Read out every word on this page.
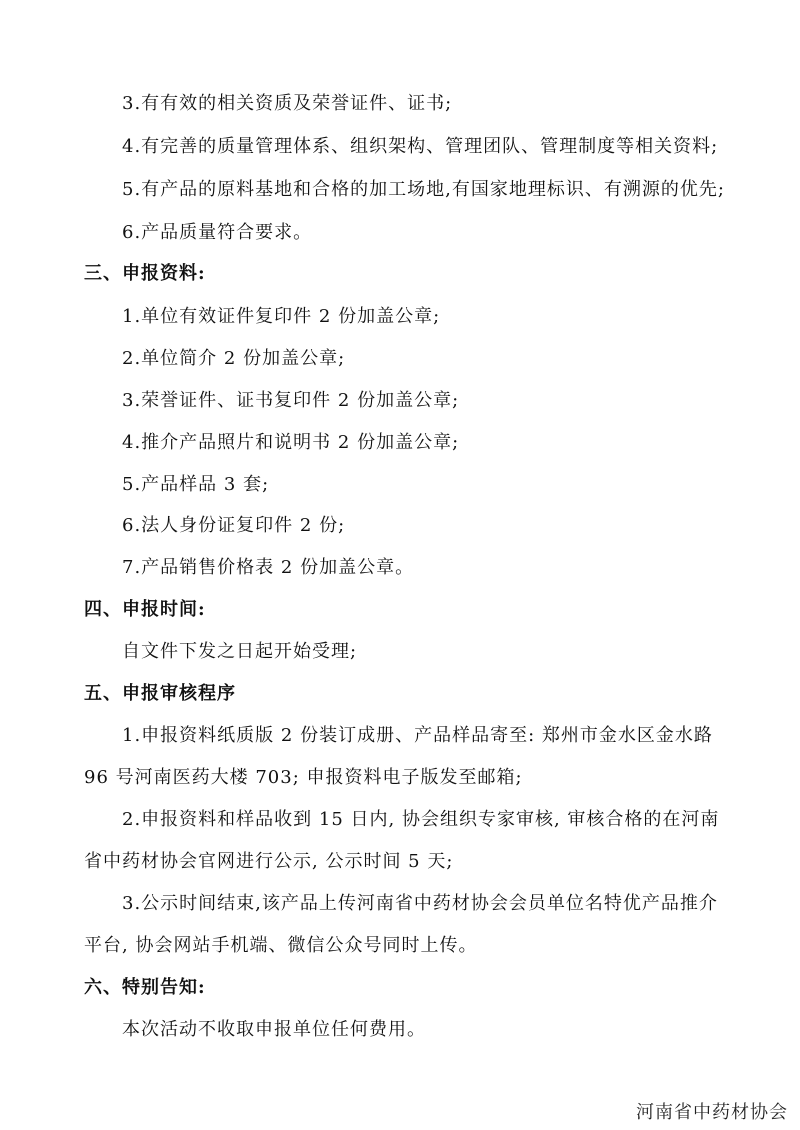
3.有有效的相关资质及荣誉证件、证书;
4.有完善的质量管理体系、组织架构、管理团队、管理制度等相关资料;
5.有产品的原料基地和合格的加工场地,有国家地理标识、有溯源的优先;
6.产品质量符合要求。
三、申报资料:
1.单位有效证件复印件 2 份加盖公章;
2.单位简介 2 份加盖公章;
3.荣誉证件、证书复印件 2 份加盖公章;
4.推介产品照片和说明书 2 份加盖公章;
5.产品样品 3 套;
6.法人身份证复印件 2 份;
7.产品销售价格表 2 份加盖公章。
四、申报时间:
自文件下发之日起开始受理;
五、申报审核程序
1.申报资料纸质版 2 份装订成册、产品样品寄至: 郑州市金水区金水路
96 号河南医药大楼 703; 申报资料电子版发至邮箱;
2.申报资料和样品收到 15 日内, 协会组织专家审核, 审核合格的在河南
省中药材协会官网进行公示, 公示时间 5 天;
3.公示时间结束,该产品上传河南省中药材协会会员单位名特优产品推介
平台, 协会网站手机端、微信公众号同时上传。
六、特别告知:
本次活动不收取申报单位任何费用。
河南省中药材协会
